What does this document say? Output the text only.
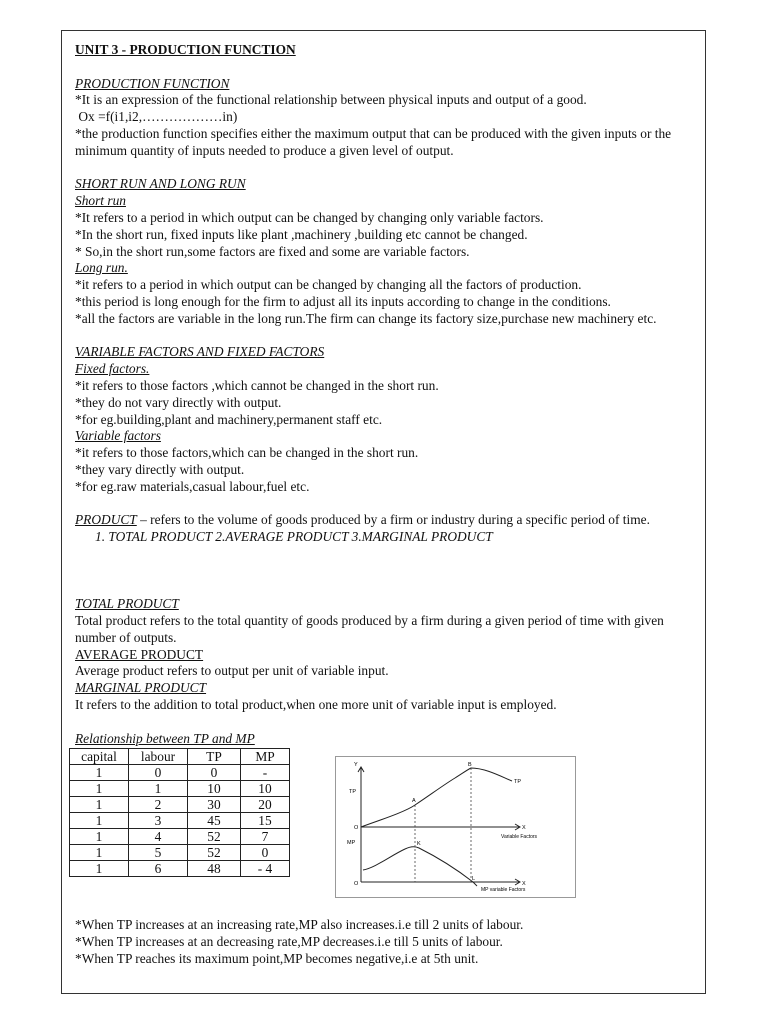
UNIT 3 - PRODUCTION FUNCTION

PRODUCTION FUNCTION

*It is an expression of the functional relationship between physical inputs and output of a good.

Ox =f(i1,i2,………………in)

*the production function specifies either the maximum output that can be produced with the given inputs or the minimum quantity of inputs needed to produce a given level of output.

SHORT RUN AND LONG RUN

Short run

*It refers to a period in which output can be changed by changing only variable factors.

*In the short run, fixed inputs like plant ,machinery ,building etc cannot be changed.

* So,in the short run,some factors are fixed and some are variable factors.

Long run.

*it refers to a period in which output can be changed by changing all the factors of production.

*this period is long enough for the firm to adjust all its inputs according to change in the conditions.

*all the factors are variable in the long run.The firm can change its factory size,purchase new machinery etc.

VARIABLE FACTORS AND FIXED FACTORS

Fixed factors.

*it refers to those factors ,which cannot be changed in the short run.

*they do not vary directly with output.

*for eg.building,plant and machinery,permanent staff etc.

Variable factors

*it refers to those factors,which can be changed in the short run.

*they vary directly with output.

*for eg.raw materials,casual labour,fuel etc.

PRODUCT – refers to the volume of goods produced by a firm or industry during a specific period of time.

1. TOTAL PRODUCT 2.AVERAGE PRODUCT 3.MARGINAL PRODUCT

TOTAL PRODUCT

Total product refers to the total quantity of goods produced by a firm during a given period of time with given number of outputs.

AVERAGE PRODUCT

Average product refers to output per unit of variable input.

MARGINAL PRODUCT

It refers to the addition to total product,when one more unit of variable input is employed.

Relationship between TP and MP

capital	labour	TP	MP
1	0	0	-
1	1	10	10
1	2	30	20
1	3	45	15
1	4	52	7
1	5	52	0
1	6	48	- 4
Y
TP
MP
O
O
X
X
Variable Factors
MP variable Factors
A
B
K
L
TP

*When TP increases at an increasing rate,MP also increases.i.e till 2 units of labour.

*When TP increases at an decreasing rate,MP decreases.i.e till 5 units of labour.

*When TP reaches its maximum point,MP becomes negative,i.e at 5th unit.
